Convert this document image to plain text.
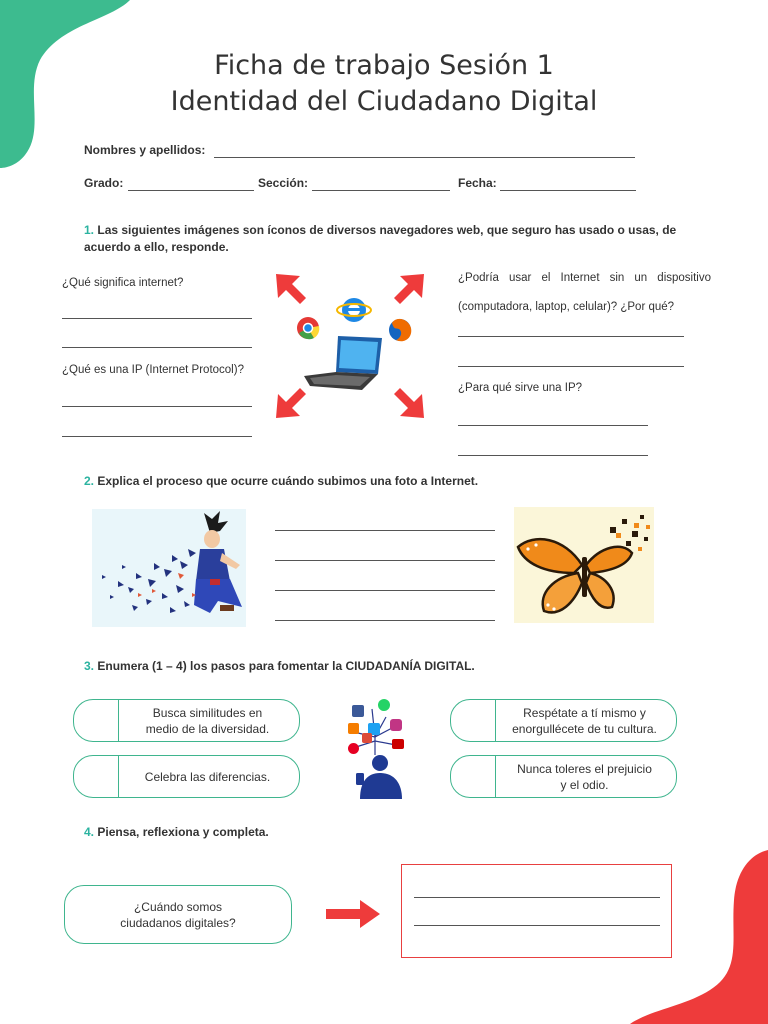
Ficha de trabajo Sesión 1
Identidad del Ciudadano Digital
Nombres y apellidos:
Grado:	Sección:	Fecha:
1. Las siguientes imágenes son íconos de diversos navegadores web, que seguro has usado o usas, de acuerdo a ello, responde.
¿Qué significa internet?
¿Qué es una IP (Internet Protocol)?
¿Podría usar el Internet sin un dispositivo (computadora, laptop, celular)? ¿Por qué?
¿Para qué sirve una IP?
2. Explica el proceso que ocurre cuándo subimos una foto a Internet.
3. Enumera (1 – 4) los pasos para fomentar la CIUDADANÍA DIGITAL.
Busca similitudes en
medio de la diversidad.
Celebra las diferencias.
Respétate a tí mismo y
enorgullécete de tu cultura.
Nunca toleres el prejuicio
y el odio.
4. Piensa, reflexiona y completa.
¿Cuándo somos
ciudadanos digitales?
